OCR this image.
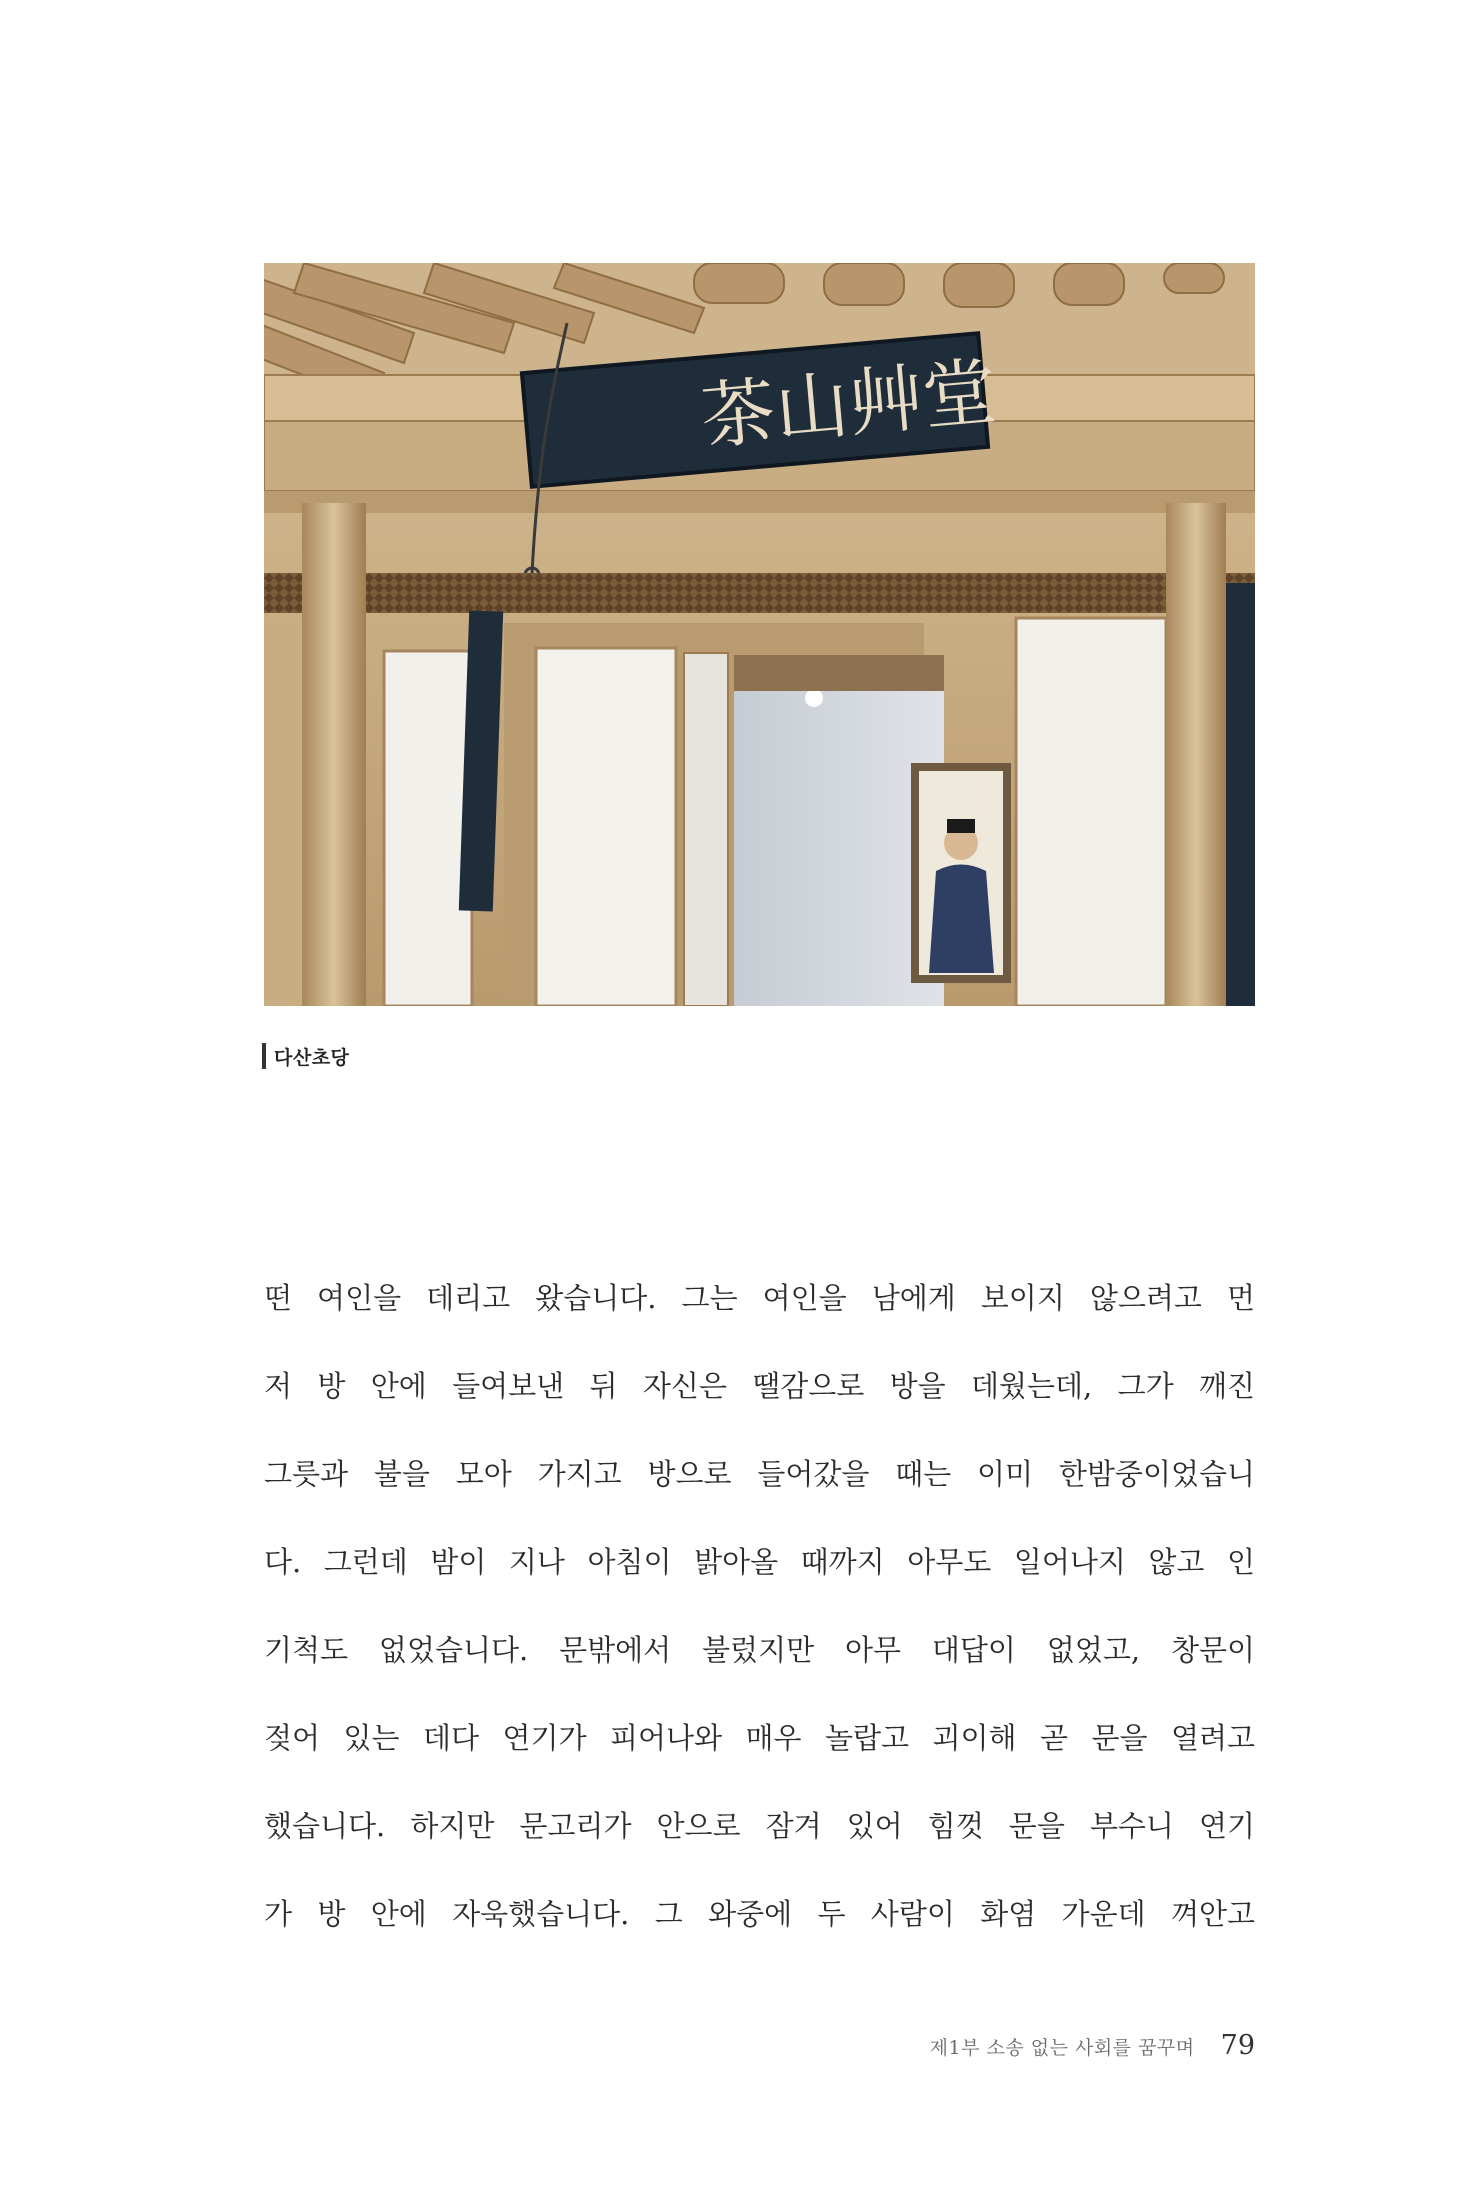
茶山艸堂
다산초당
떤 여인을 데리고 왔습니다. 그는 여인을 남에게 보이지 않으려고 먼
저 방 안에 들여보낸 뒤 자신은 땔감으로 방을 데웠는데, 그가 깨진
그릇과 불을 모아 가지고 방으로 들어갔을 때는 이미 한밤중이었습니
다. 그런데 밤이 지나 아침이 밝아올 때까지 아무도 일어나지 않고 인
기척도 없었습니다. 문밖에서 불렀지만 아무 대답이 없었고, 창문이
젖어 있는 데다 연기가 피어나와 매우 놀랍고 괴이해 곧 문을 열려고
했습니다. 하지만 문고리가 안으로 잠겨 있어 힘껏 문을 부수니 연기
가 방 안에 자욱했습니다. 그 와중에 두 사람이 화염 가운데 껴안고
제1부 소송 없는 사회를 꿈꾸며 79
